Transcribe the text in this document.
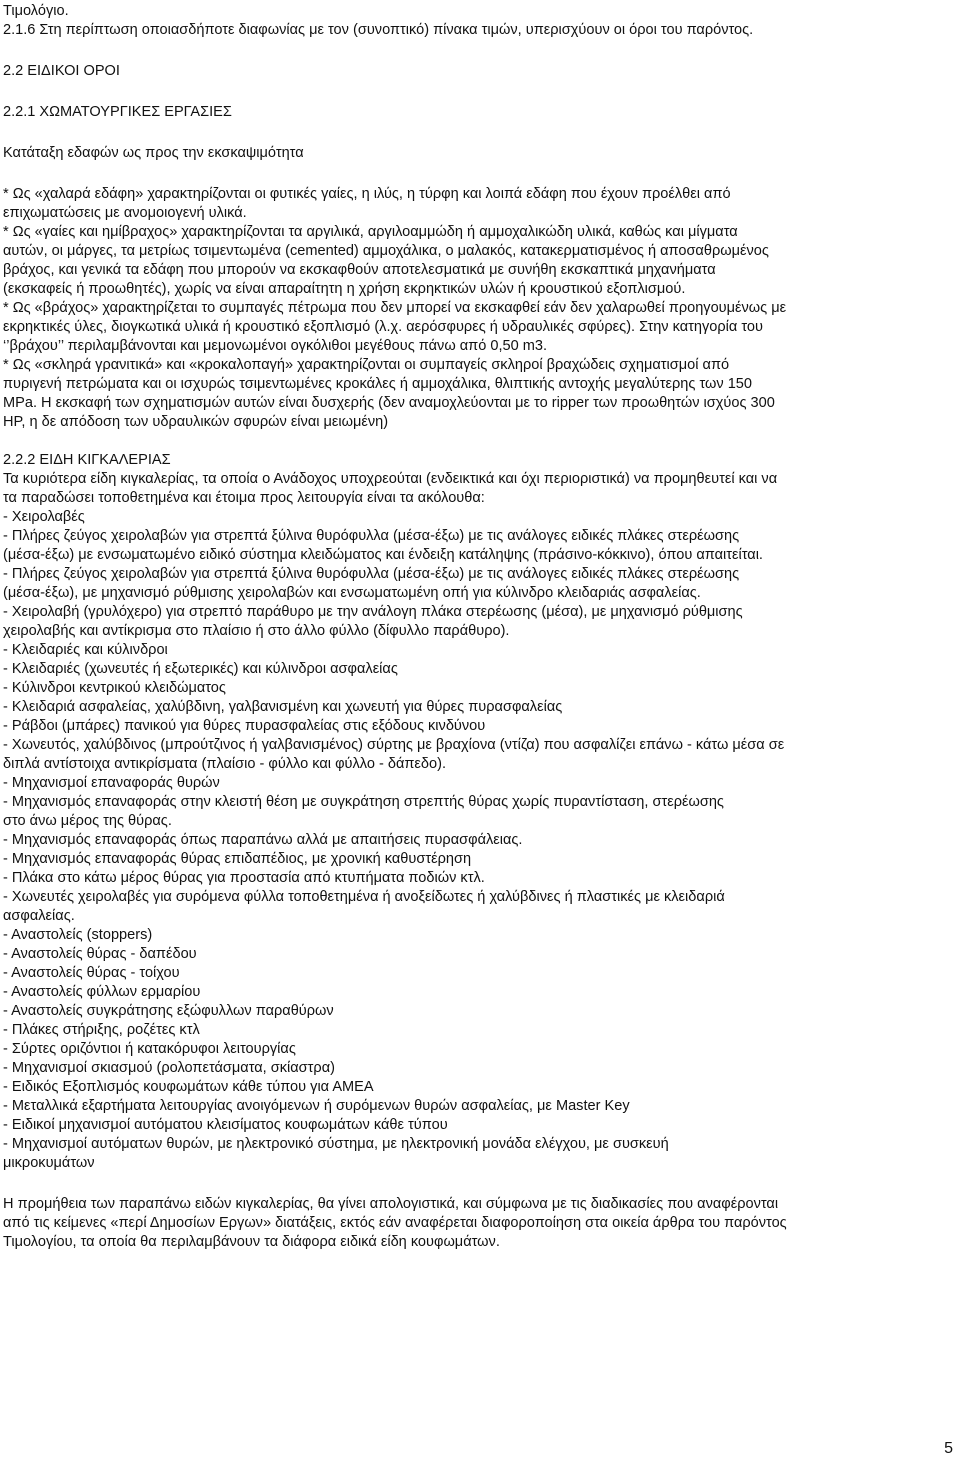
Τιμολόγιο.
2.1.6 Στη περίπτωση οποιασδήποτε διαφωνίας με τον (συνοπτικό) πίνακα τιμών, υπερισχύουν οι όροι του παρόντος.
2.2 ΕΙΔΙΚΟΙ ΟΡΟΙ
2.2.1 ΧΩΜΑΤΟΥΡΓΙΚΕΣ ΕΡΓΑΣΙΕΣ
Κατάταξη εδαφών ως προς την εκσκαψιμότητα
* Ως «χαλαρά εδάφη» χαρακτηρίζονται οι φυτικές γαίες, η ιλύς, η τύρφη και λοιπά εδάφη που έχουν προέλθει από
επιχωματώσεις με ανομοιογενή υλικά.
* Ως «γαίες και ημίβραχος» χαρακτηρίζονται τα αργιλικά, αργιλοαμμώδη ή αμμοχαλικώδη υλικά, καθώς και μίγματα
αυτών, οι μάργες, τα μετρίως τσιμεντωμένα (cemented) αμμοχάλικα, ο μαλακός, κατακερματισμένος ή αποσαθρωμένος
βράχος, και γενικά τα εδάφη που μπορούν να εκσκαφθούν αποτελεσματικά με συνήθη εκσκαπτικά μηχανήματα
(εκσκαφείς ή προωθητές), χωρίς να είναι απαραίτητη η χρήση εκρηκτικών υλών ή κρουστικού εξοπλισμού.
* Ως «βράχος» χαρακτηρίζεται το συμπαγές πέτρωμα που δεν μπορεί να εκσκαφθεί εάν δεν χαλαρωθεί προηγουμένως με
εκρηκτικές ύλες, διογκωτικά υλικά ή κρουστικό εξοπλισμό (λ.χ. αερόσφυρες ή υδραυλικές σφύρες). Στην κατηγορία του
‘’βράχου’’ περιλαμβάνονται και μεμονωμένοι ογκόλιθοι μεγέθους πάνω από 0,50 m3.
* Ως «σκληρά γρανιτικά» και «κροκαλοπαγή» χαρακτηρίζονται οι συμπαγείς σκληροί βραχώδεις σχηματισμοί από
πυριγενή πετρώματα και οι ισχυρώς τσιμεντωμένες κροκάλες ή αμμοχάλικα, θλιπτικής αντοχής μεγαλύτερης των 150
MPa. Η εκσκαφή των σχηματισμών αυτών είναι δυσχερής (δεν αναμοχλεύονται με το ripper των προωθητών ισχύος 300
HP, η δε απόδοση των υδραυλικών σφυρών είναι μειωμένη)
2.2.2 ΕΙΔΗ ΚΙΓΚΑΛΕΡΙΑΣ
Τα κυριότερα είδη κιγκαλερίας, τα οποία ο Ανάδοχος υποχρεούται (ενδεικτικά και όχι περιοριστικά) να προμηθευτεί και να
τα παραδώσει τοποθετημένα και έτοιμα προς λειτουργία είναι τα ακόλουθα:
- Χειρολαβές
- Πλήρες ζεύγος χειρολαβών για στρεπτά ξύλινα θυρόφυλλα (μέσα-έξω) με τις ανάλογες ειδικές πλάκες στερέωσης
(μέσα-έξω) με ενσωματωμένο ειδικό σύστημα κλειδώματος και ένδειξη κατάληψης (πράσινο-κόκκινο), όπου απαιτείται.
- Πλήρες ζεύγος χειρολαβών για στρεπτά ξύλινα θυρόφυλλα (μέσα-έξω) με τις ανάλογες ειδικές πλάκες στερέωσης
(μέσα-έξω), με μηχανισμό ρύθμισης χειρολαβών και ενσωματωμένη οπή για κύλινδρο κλειδαριάς ασφαλείας.
- Χειρολαβή (γρυλόχερο) για στρεπτό παράθυρο με την ανάλογη πλάκα στερέωσης (μέσα), με μηχανισμό ρύθμισης
χειρολαβής και αντίκρισμα στο πλαίσιο ή στο άλλο φύλλο (δίφυλλο παράθυρο).
- Κλειδαριές και κύλινδροι
- Κλειδαριές (χωνευτές ή εξωτερικές) και κύλινδροι ασφαλείας
- Κύλινδροι κεντρικού κλειδώματος
- Κλειδαριά ασφαλείας, χαλύβδινη, γαλβανισμένη και χωνευτή για θύρες πυρασφαλείας
- Ράβδοι (μπάρες) πανικού για θύρες πυρασφαλείας στις εξόδους κινδύνου
- Χωνευτός, χαλύβδινος (μπρούτζινος ή γαλβανισμένος) σύρτης με βραχίονα (ντίζα) που ασφαλίζει επάνω - κάτω μέσα σε
διπλά αντίστοιχα αντικρίσματα (πλαίσιο - φύλλο και φύλλο - δάπεδο).
- Μηχανισμοί επαναφοράς θυρών
- Μηχανισμός επαναφοράς στην κλειστή θέση με συγκράτηση στρεπτής θύρας χωρίς πυραντίσταση, στερέωσης
στο άνω μέρος της θύρας.
- Μηχανισμός επαναφοράς όπως παραπάνω αλλά με απαιτήσεις πυρασφάλειας.
- Μηχανισμός επαναφοράς θύρας επιδαπέδιος, με χρονική καθυστέρηση
- Πλάκα στο κάτω μέρος θύρας για προστασία από κτυπήματα ποδιών κτλ.
- Χωνευτές χειρολαβές για συρόμενα φύλλα τοποθετημένα ή ανοξείδωτες ή χαλύβδινες ή πλαστικές με κλειδαριά
ασφαλείας.
- Αναστολείς (stoppers)
- Αναστολείς θύρας - δαπέδου
- Αναστολείς θύρας - τοίχου
- Αναστολείς φύλλων ερμαρίου
- Αναστολείς συγκράτησης εξώφυλλων παραθύρων
- Πλάκες στήριξης, ροζέτες κτλ
- Σύρτες οριζόντιοι ή κατακόρυφοι λειτουργίας
- Μηχανισμοί σκιασμού (ρολοπετάσματα, σκίαστρα)
- Ειδικός Εξοπλισμός κουφωμάτων κάθε τύπου για ΑΜΕΑ
- Μεταλλικά εξαρτήματα λειτουργίας ανοιγόμενων ή συρόμενων θυρών ασφαλείας, με Master Key
- Ειδικοί μηχανισμοί αυτόματου κλεισίματος κουφωμάτων κάθε τύπου
- Μηχανισμοί αυτόματων θυρών, με ηλεκτρονικό σύστημα, με ηλεκτρονική μονάδα ελέγχου, με συσκευή
μικροκυμάτων
Η προμήθεια των παραπάνω ειδών κιγκαλερίας, θα γίνει απολογιστικά, και σύμφωνα με τις διαδικασίες που αναφέρονται
από τις κείμενες «περί Δημοσίων Εργων» διατάξεις, εκτός εάν αναφέρεται διαφοροποίηση στα οικεία άρθρα του παρόντος
Τιμολογίου, τα οποία θα περιλαμβάνουν τα διάφορα ειδικά είδη κουφωμάτων.
5
